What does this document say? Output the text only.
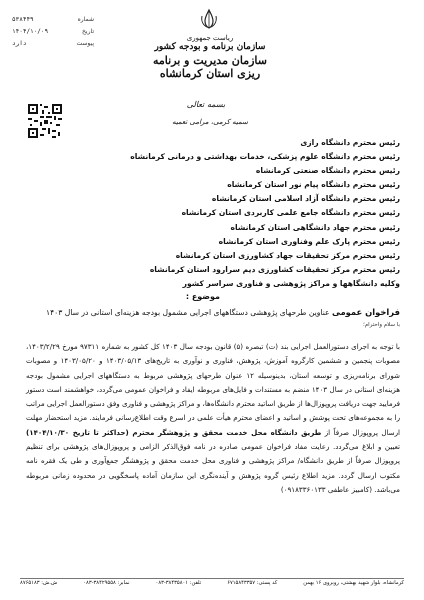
شماره
۵۳۸۴۴۹
تاریخ
۱۴۰۴/۱۰/۰۹
پیوست
دارد
ریاست جمهوری
سازمان برنامه و بودجه کشور
سازمان مدیریت و برنامه ریزی استان کرمانشاه
بسمه تعالی
سمیه کرمی، مرامی تعمیه
رئیس محترم دانشگاه رازی
رئیس محترم دانشگاه علوم پزشکی، خدمات بهداشتی و درمانی کرمانشاه
رئیس محترم دانشگاه صنعتی کرمانشاه
رئیس محترم دانشگاه پیام نور استان کرمانشاه
رئیس محترم دانشگاه آزاد اسلامی استان کرمانشاه
رئیس محترم دانشگاه جامع علمی کاربردی استان کرمانشاه
رئیس محترم جهاد دانشگاهی استان کرمانشاه
رئیس محترم پارک علم وفناوری استان کرمانشاه
رئیس محترم مرکز تحقیقات جهاد کشاورزی استان کرمانشاه
رئیس محترم مرکز تحقیقات کشاورزی دیم سرارود استان کرمانشاه
وکلیه دانشگاهها و مراکز پژوهشی و فناوری سراسر کشور
موضوع :
فراخوان عمومی عناوین طرحهای پژوهشی دستگاههای اجرایی مشمول بودجه هزینه‌ای استانی در سال ۱۴۰۳
با سلام واحترام؛
با توجه به اجرای دستورالعمل اجرایی بند (ت) تبصره (۵) قانون بودجه سال ۱۴۰۳ کل کشور به شماره ۹۷۳۱۱ مورخ ۱۴۰۳/۲/۲۹، مصوبات پنجمین و ششمین کارگروه آموزش، پژوهش، فناوری و نوآوری به تاریخ‌های ۱۴۰۳/۰۵/۱۳ و ۱۴۰۳/۰۵/۲۰ و مصوبات شورای برنامه‌ریزی و توسعه استان، بدینوسیله ۱۲ عنوان طرحهای پژوهشی مربوط به دستگاههای اجرایی مشمول بودجه هزینه‌ای استانی در سال ۱۴۰۳ منضم به مستندات و فایل‌های مربوطه ایفاد و فراخوان عمومی می‌گردد، خواهشمند است دستور فرمایید جهت دریافت پروپوزال‌ها از طریق اساتید محترم دانشگاه‌ها، و مراکز پژوهشی و فناوری وفق دستورالعمل اجرایی مراتب را به مجموعه‌های تحت پوشش و اساتید و اعضای محترم هیأت علمی در اسرع وقت اطلاع‌رسانی فرمایند. مزید استحضار مهلت ارسال پروپوزال صرفاً از طریق دانشگاه محل خدمت محقق و پژوهشگر محترم (حداکثر تا تاریخ ۱۴۰۴/۱۰/۳۰) تعیین و ابلاغ می‌گردد. رعایت مفاد فراخوان عمومی صادره در نامه فوق‌الذکر الزامی و پروپوزال‌های پژوهشی برای تنظیم پروپوزال صرفاً از طریق دانشگاه/ مراکز پژوهشی و فناوری محل خدمت محقق و پژوهشگر جمع‌آوری و طی یک فقره نامه مکتوب ارسال گردد. مزید اطلاع رئیس گروه پژوهش و آینده‌نگری این سازمان آماده پاسخگویی در محدوده زمانی مربوطه می‌باشد. (کامبیز عاطفی ۰۹۱۸۳۳۶۰۱۳۳)
کرمانشاه، بلوار شهید بهشتی، روبروی ۱۶ بهمن
کد پستی: ۶۷۱۵۸۴۳۳۵۷
تلفن: ۳۸۴۳۵۸۰۱-۰۸۳
نمابر: ۳۸۴۲۹۵۵۸-۰۸۳
ش.ش: ۸۷۶۵۱۸۳
